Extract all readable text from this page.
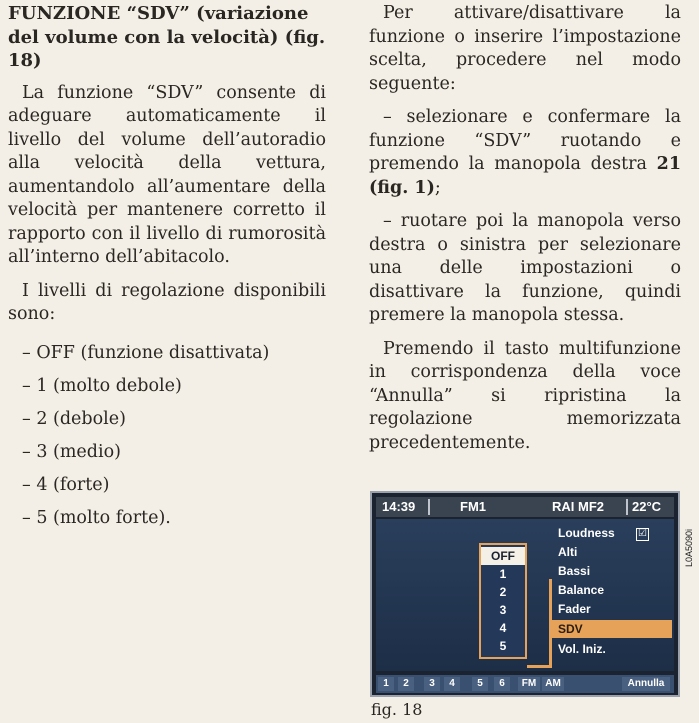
FUNZIONE “SDV” (variazione del volume con la velocità) (fig. 18)

La funzione “SDV” consente di adeguare automaticamente il livello del volume dell’autoradio alla velocità della vettura, aumentandolo all’aumentare della velocità per mantenere corretto il rapporto con il livello di rumorosità all’interno dell’abitacolo.

I livelli di regolazione disponibili sono:

– OFF (funzione disattivata)
– 1 (molto debole)
– 2 (debole)
– 3 (medio)
– 4 (forte)
– 5 (molto forte).

Per attivare/disattivare la funzione o inserire l’impostazione scelta, procedere nel modo seguente:

– selezionare e confermare la funzione “SDV” ruotando e premendo la manopola destra 21 (fig. 1);

– ruotare poi la manopola verso destra o sinistra per selezionare una delle impostazioni o disattivare la funzione, quindi premere la manopola stessa.

Premendo il tasto multifunzione in corrispondenza della voce “Annulla” si ripristina la regolazione memorizzata precedentemente.

14:39	FM1	RAI MF2 22°C
Loudness
Alti
Bassi
Balance
Fader
SDV
Vol. Iniz.
☑
OFF
1
2
3
4
5
1	2	3	4	5	6	FM AM	Annulla
L0A5090i
fig. 18
